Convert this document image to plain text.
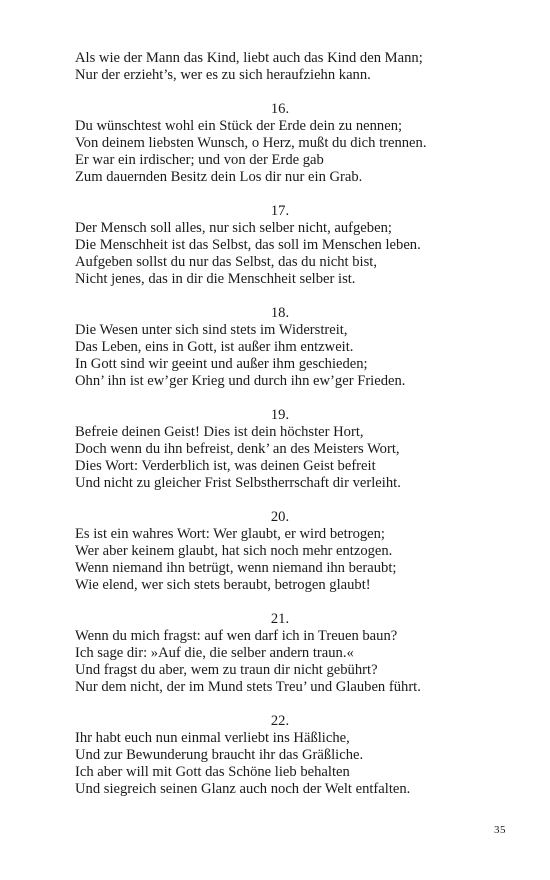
Als wie der Mann das Kind, liebt auch das Kind den Mann;
Nur der erzieht’s, wer es zu sich heraufziehn kann.
16.
Du wünschtest wohl ein Stück der Erde dein zu nennen;
Von deinem liebsten Wunsch, o Herz, mußt du dich trennen.
Er war ein irdischer; und von der Erde gab
Zum dauernden Besitz dein Los dir nur ein Grab.
17.
Der Mensch soll alles, nur sich selber nicht, aufgeben;
Die Menschheit ist das Selbst, das soll im Menschen leben.
Aufgeben sollst du nur das Selbst, das du nicht bist,
Nicht jenes, das in dir die Menschheit selber ist.
18.
Die Wesen unter sich sind stets im Widerstreit,
Das Leben, eins in Gott, ist außer ihm entzweit.
In Gott sind wir geeint und außer ihm geschieden;
Ohn’ ihn ist ew’ger Krieg und durch ihn ew’ger Frieden.
19.
Befreie deinen Geist! Dies ist dein höchster Hort,
Doch wenn du ihn befreist, denk’ an des Meisters Wort,
Dies Wort: Verderblich ist, was deinen Geist befreit
Und nicht zu gleicher Frist Selbstherrschaft dir verleiht.
20.
Es ist ein wahres Wort: Wer glaubt, er wird betrogen;
Wer aber keinem glaubt, hat sich noch mehr entzogen.
Wenn niemand ihn betrügt, wenn niemand ihn beraubt;
Wie elend, wer sich stets beraubt, betrogen glaubt!
21.
Wenn du mich fragst: auf wen darf ich in Treuen baun?
Ich sage dir: »Auf die, die selber andern traun.«
Und fragst du aber, wem zu traun dir nicht gebührt?
Nur dem nicht, der im Mund stets Treu’ und Glauben führt.
22.
Ihr habt euch nun einmal verliebt ins Häßliche,
Und zur Bewunderung braucht ihr das Gräßliche.
Ich aber will mit Gott das Schöne lieb behalten
Und siegreich seinen Glanz auch noch der Welt entfalten.
35
